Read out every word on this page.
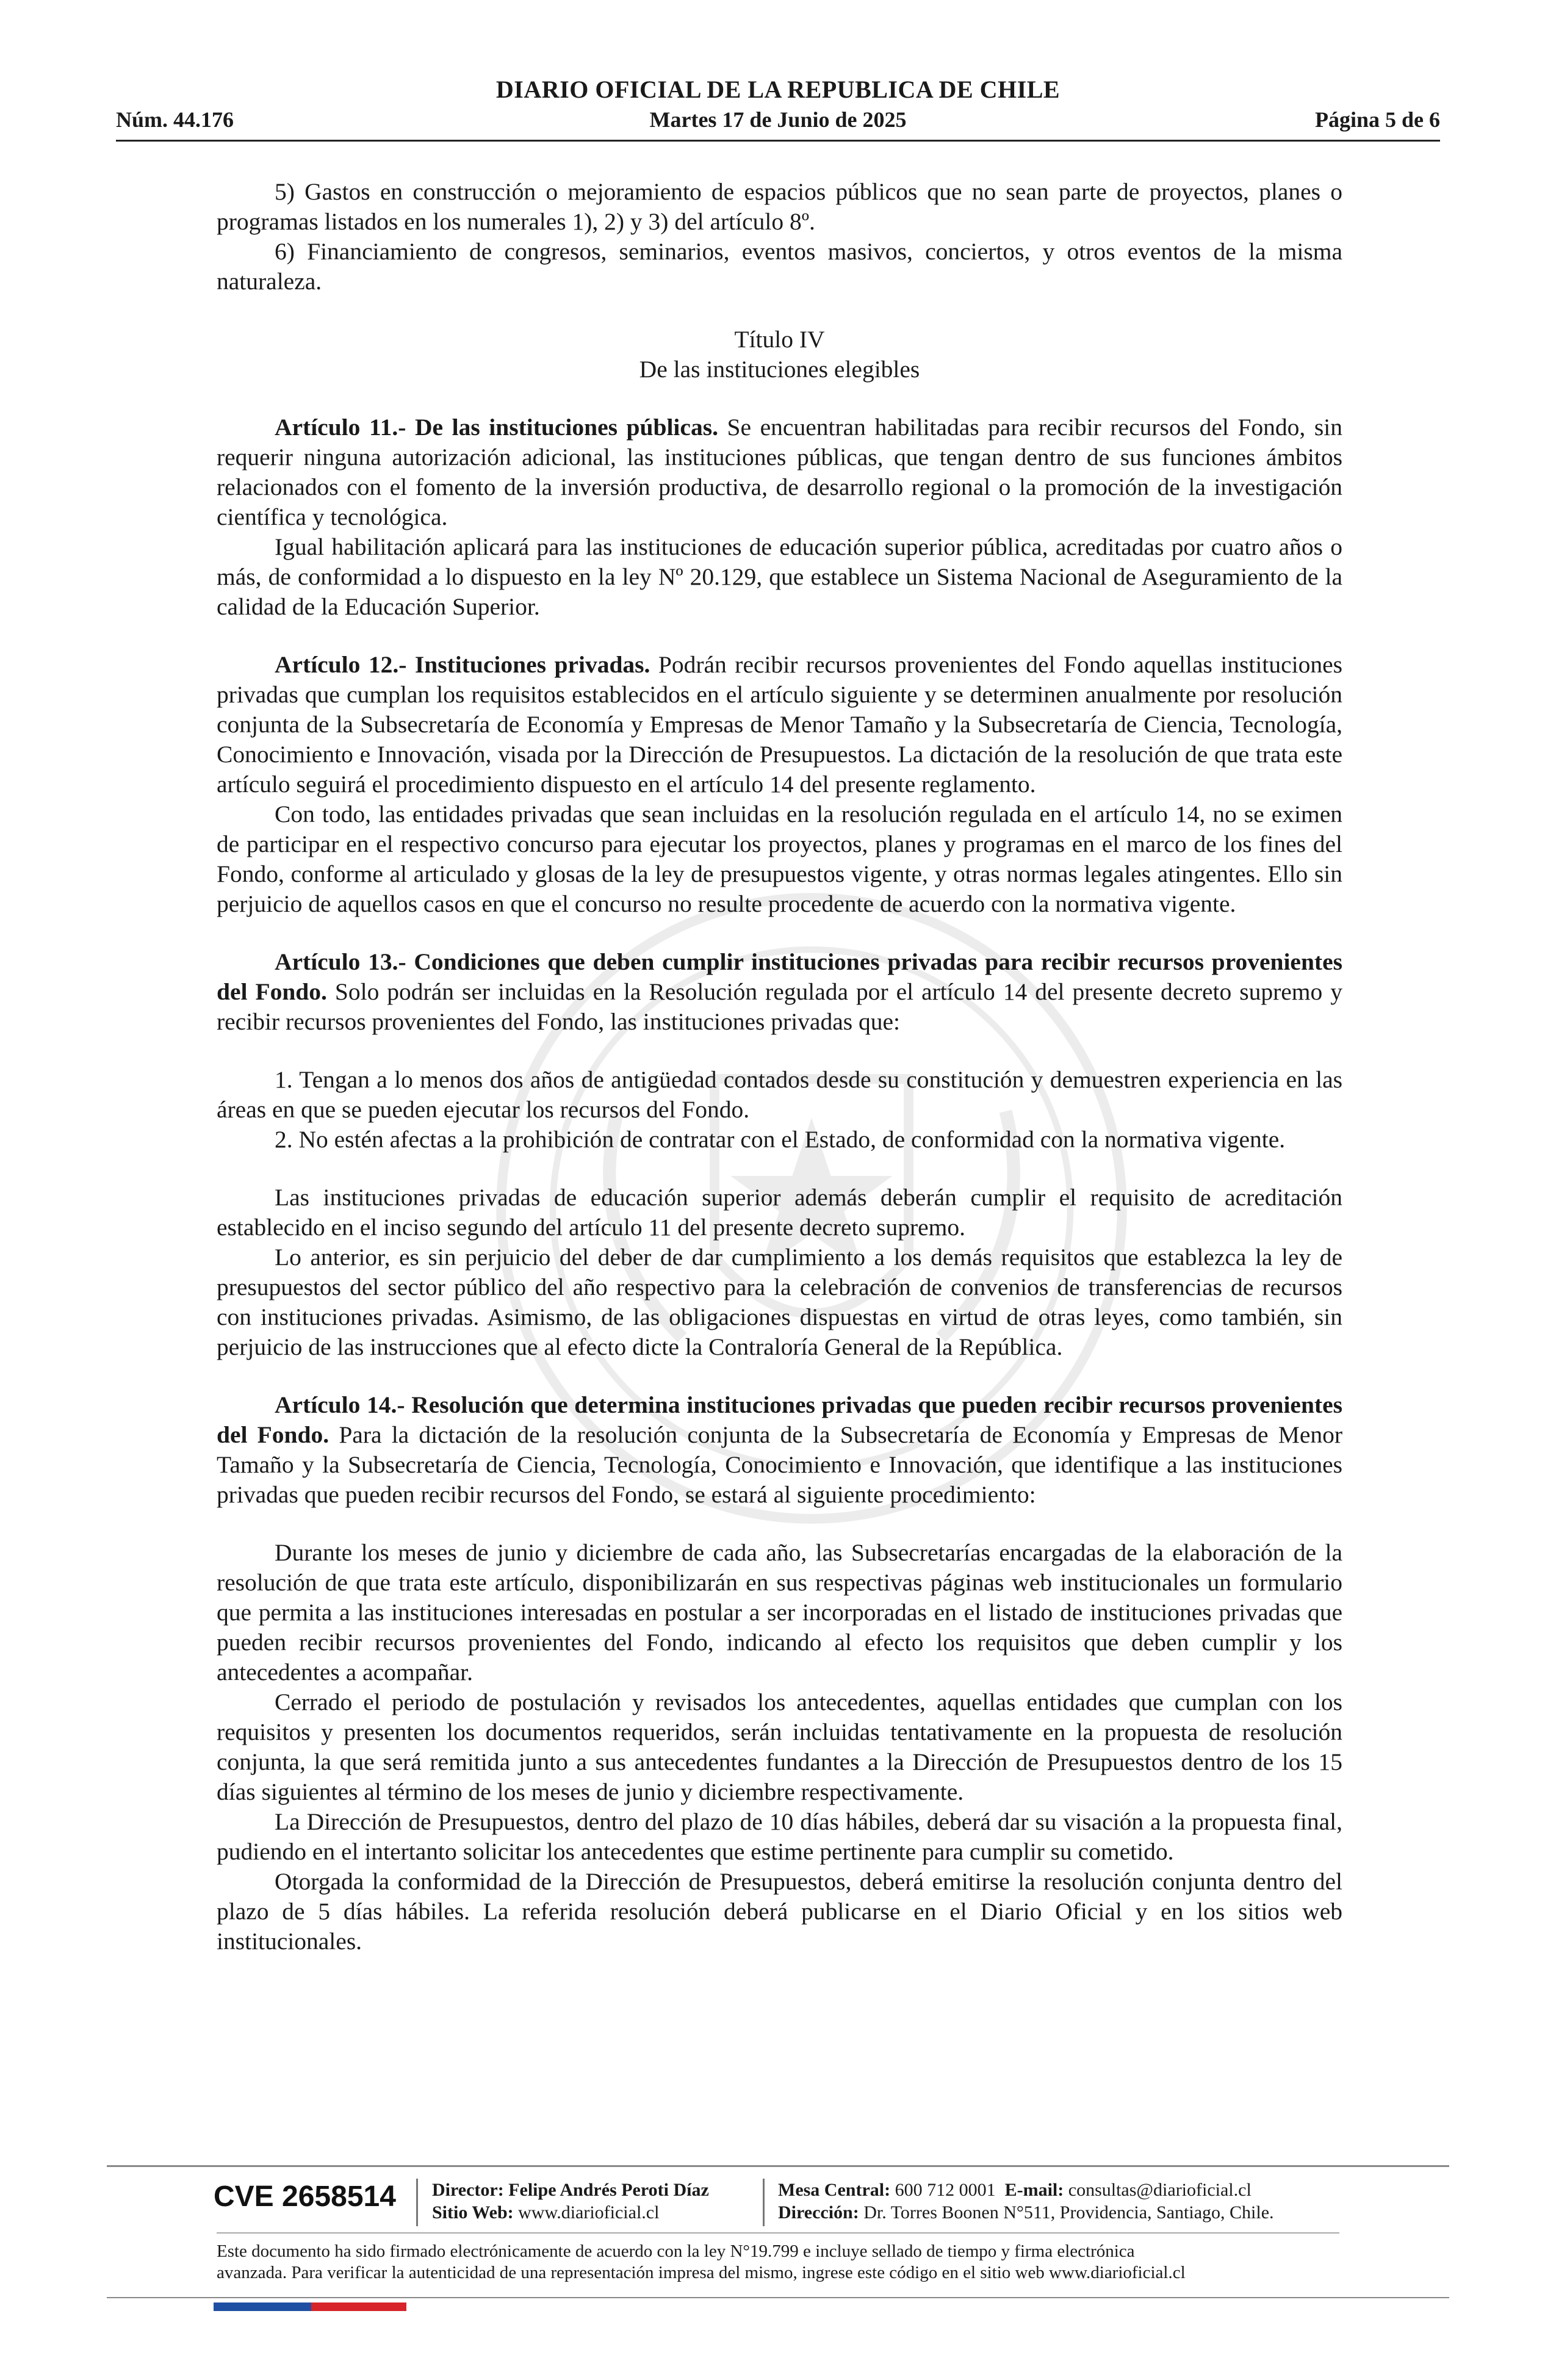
Núm. 44.176
DIARIO OFICIAL DE LA REPUBLICA DE CHILE
Martes 17 de Junio de 2025	Página 5 de 6

5) Gastos en construcción o mejoramiento de espacios públicos que no sean parte de proyectos, planes o programas listados en los numerales 1), 2) y 3) del artículo 8º.

6) Financiamiento de congresos, seminarios, eventos masivos, conciertos, y otros eventos de la misma naturaleza.

Título IV

De las instituciones elegibles

Artículo 11.- De las instituciones públicas. Se encuentran habilitadas para recibir recursos del Fondo, sin requerir ninguna autorización adicional, las instituciones públicas, que tengan dentro de sus funciones ámbitos relacionados con el fomento de la inversión productiva, de desarrollo regional o la promoción de la investigación científica y tecnológica.

Igual habilitación aplicará para las instituciones de educación superior pública, acreditadas por cuatro años o más, de conformidad a lo dispuesto en la ley Nº 20.129, que establece un Sistema Nacional de Aseguramiento de la calidad de la Educación Superior.

Artículo 12.- Instituciones privadas. Podrán recibir recursos provenientes del Fondo aquellas instituciones privadas que cumplan los requisitos establecidos en el artículo siguiente y se determinen anualmente por resolución conjunta de la Subsecretaría de Economía y Empresas de Menor Tamaño y la Subsecretaría de Ciencia, Tecnología, Conocimiento e Innovación, visada por la Dirección de Presupuestos. La dictación de la resolución de que trata este artículo seguirá el procedimiento dispuesto en el artículo 14 del presente reglamento.

Con todo, las entidades privadas que sean incluidas en la resolución regulada en el artículo 14, no se eximen de participar en el respectivo concurso para ejecutar los proyectos, planes y programas en el marco de los fines del Fondo, conforme al articulado y glosas de la ley de presupuestos vigente, y otras normas legales atingentes. Ello sin perjuicio de aquellos casos en que el concurso no resulte procedente de acuerdo con la normativa vigente.

Artículo 13.- Condiciones que deben cumplir instituciones privadas para recibir recursos provenientes del Fondo. Solo podrán ser incluidas en la Resolución regulada por el artículo 14 del presente decreto supremo y recibir recursos provenientes del Fondo, las instituciones privadas que:

1. Tengan a lo menos dos años de antigüedad contados desde su constitución y demuestren experiencia en las áreas en que se pueden ejecutar los recursos del Fondo.

2. No estén afectas a la prohibición de contratar con el Estado, de conformidad con la normativa vigente.

Las instituciones privadas de educación superior además deberán cumplir el requisito de acreditación establecido en el inciso segundo del artículo 11 del presente decreto supremo.

Lo anterior, es sin perjuicio del deber de dar cumplimiento a los demás requisitos que establezca la ley de presupuestos del sector público del año respectivo para la celebración de convenios de transferencias de recursos con instituciones privadas. Asimismo, de las obligaciones dispuestas en virtud de otras leyes, como también, sin perjuicio de las instrucciones que al efecto dicte la Contraloría General de la República.

Artículo 14.- Resolución que determina instituciones privadas que pueden recibir recursos provenientes del Fondo. Para la dictación de la resolución conjunta de la Subsecretaría de Economía y Empresas de Menor Tamaño y la Subsecretaría de Ciencia, Tecnología, Conocimiento e Innovación, que identifique a las instituciones privadas que pueden recibir recursos del Fondo, se estará al siguiente procedimiento:

Durante los meses de junio y diciembre de cada año, las Subsecretarías encargadas de la elaboración de la resolución de que trata este artículo, disponibilizarán en sus respectivas páginas web institucionales un formulario que permita a las instituciones interesadas en postular a ser incorporadas en el listado de instituciones privadas que pueden recibir recursos provenientes del Fondo, indicando al efecto los requisitos que deben cumplir y los antecedentes a acompañar.

Cerrado el periodo de postulación y revisados los antecedentes, aquellas entidades que cumplan con los requisitos y presenten los documentos requeridos, serán incluidas tentativamente en la propuesta de resolución conjunta, la que será remitida junto a sus antecedentes fundantes a la Dirección de Presupuestos dentro de los 15 días siguientes al término de los meses de junio y diciembre respectivamente.

La Dirección de Presupuestos, dentro del plazo de 10 días hábiles, deberá dar su visación a la propuesta final, pudiendo en el intertanto solicitar los antecedentes que estime pertinente para cumplir su cometido.

Otorgada la conformidad de la Dirección de Presupuestos, deberá emitirse la resolución conjunta dentro del plazo de 5 días hábiles. La referida resolución deberá publicarse en el Diario Oficial y en los sitios web institucionales.

CVE 2658514 Director: Felipe Andrés Peroti Díaz
Sitio Web: www.diarioficial.cl
Mesa Central: 600 712 0001 E-mail: consultas@diarioficial.cl
Dirección: Dr. Torres Boonen N°511, Providencia, Santiago, Chile.
Este documento ha sido firmado electrónicamente de acuerdo con la ley N°19.799 e incluye sellado de tiempo y firma electrónica
avanzada. Para verificar la autenticidad de una representación impresa del mismo, ingrese este código en el sitio web www.diarioficial.cl
